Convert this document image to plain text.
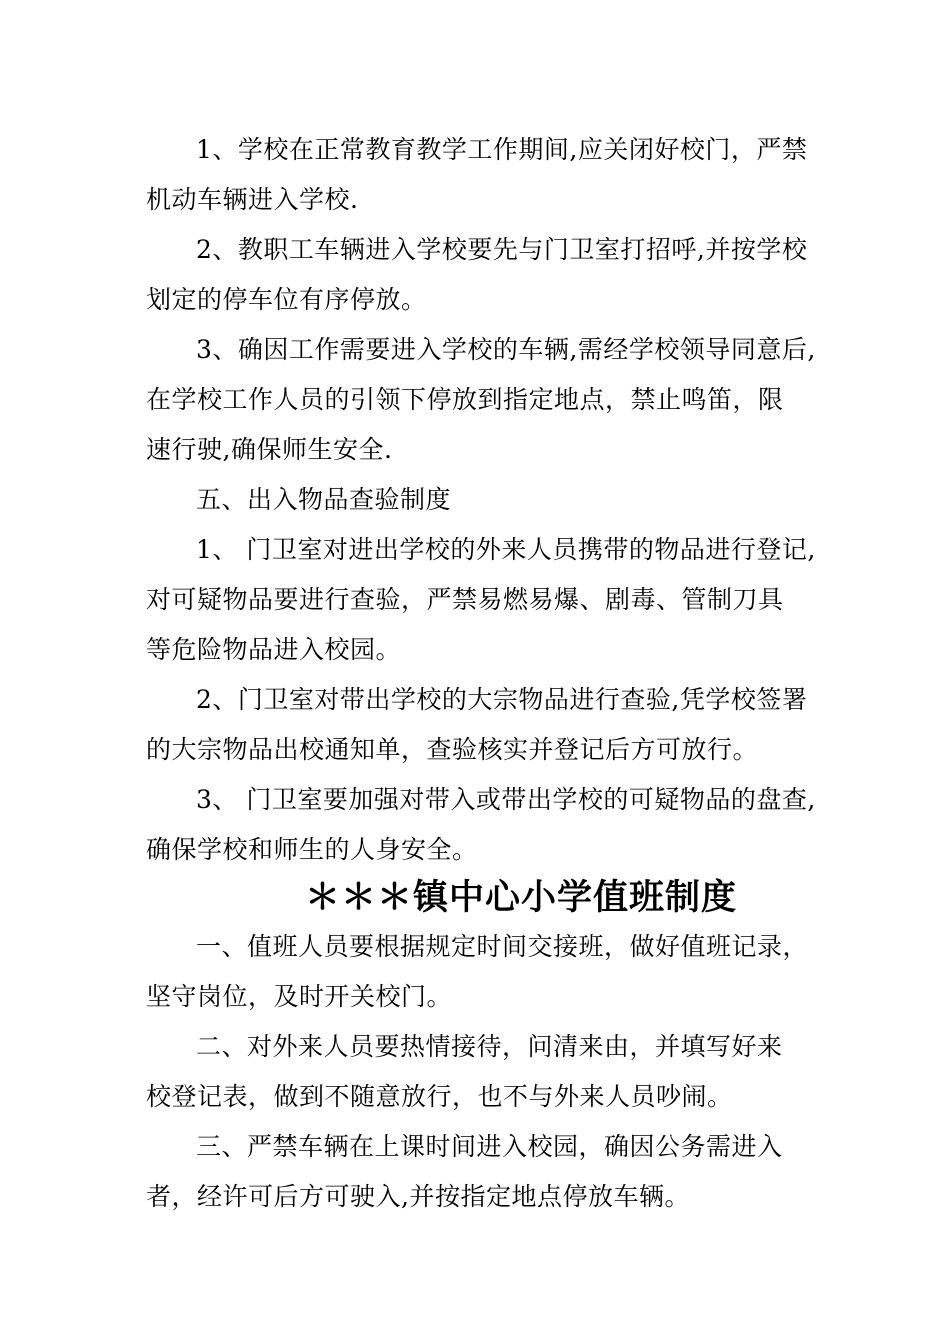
1、学校在正常教育教学工作期间,应关闭好校门，严禁
机动车辆进入学校.
2、教职工车辆进入学校要先与门卫室打招呼,并按学校
划定的停车位有序停放。
3、确因工作需要进入学校的车辆,需经学校领导同意后,
在学校工作人员的引领下停放到指定地点，禁止鸣笛，限
速行驶,确保师生安全.
五、出入物品查验制度
1、 门卫室对进出学校的外来人员携带的物品进行登记,
对可疑物品要进行查验，严禁易燃易爆、剧毒、管制刀具
等危险物品进入校园。
2、门卫室对带出学校的大宗物品进行查验,凭学校签署
的大宗物品出校通知单，查验核实并登记后方可放行。
3、 门卫室要加强对带入或带出学校的可疑物品的盘查,
确保学校和师生的人身安全。
＊＊＊镇中心小学值班制度
一、值班人员要根据规定时间交接班，做好值班记录，
坚守岗位，及时开关校门。
二、对外来人员要热情接待，问清来由，并填写好来
校登记表，做到不随意放行，也不与外来人员吵闹。
三、严禁车辆在上课时间进入校园，确因公务需进入
者，经许可后方可驶入,并按指定地点停放车辆。
